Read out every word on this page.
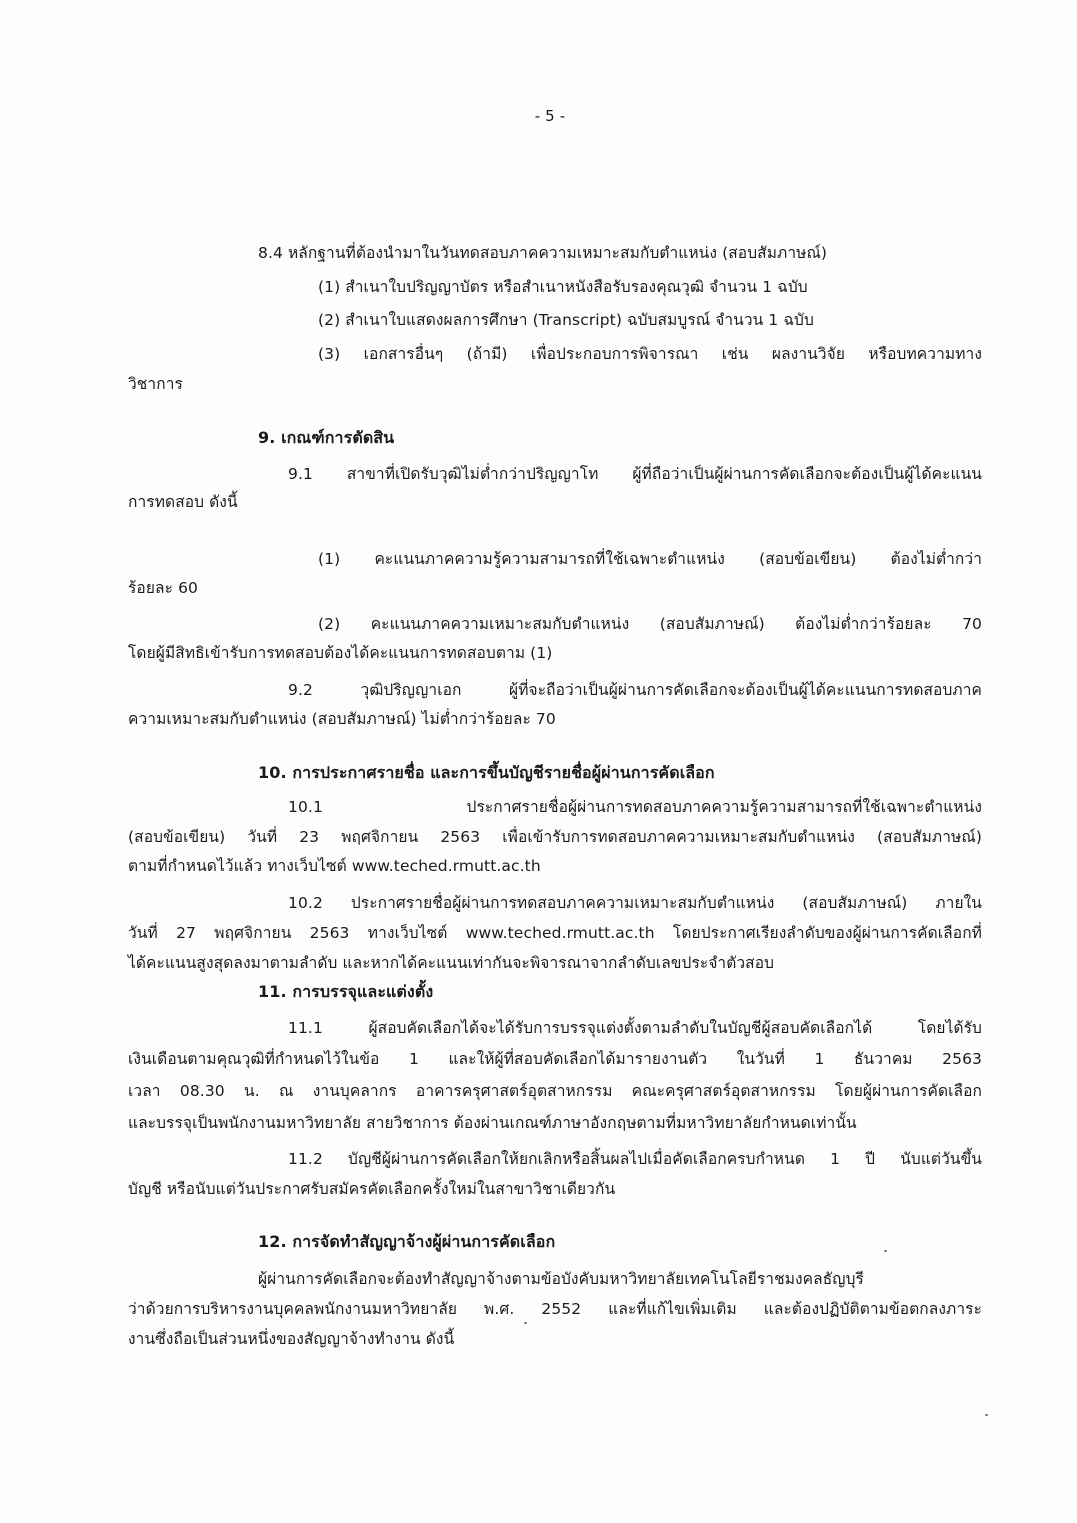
- 5 -
8.4 หลักฐานที่ต้องนำมาในวันทดสอบภาคความเหมาะสมกับตำแหน่ง (สอบสัมภาษณ์)
(1) สำเนาใบปริญญาบัตร หรือสำเนาหนังสือรับรองคุณวุฒิ จำนวน 1 ฉบับ
(2) สำเนาใบแสดงผลการศึกษา (Transcript) ฉบับสมบูรณ์ จำนวน 1 ฉบับ
(3) เอกสารอื่นๆ (ถ้ามี) เพื่อประกอบการพิจารณา เช่น ผลงานวิจัย หรือบทความทาง
วิชาการ
9. เกณฑ์การตัดสิน
9.1 สาขาที่เปิดรับวุฒิไม่ต่ำกว่าปริญญาโท ผู้ที่ถือว่าเป็นผู้ผ่านการคัดเลือกจะต้องเป็นผู้ได้คะแนน
การทดสอบ ดังนี้
(1) คะแนนภาคความรู้ความสามารถที่ใช้เฉพาะตำแหน่ง (สอบข้อเขียน) ต้องไม่ต่ำกว่า
ร้อยละ 60
(2) คะแนนภาคความเหมาะสมกับตำแหน่ง (สอบสัมภาษณ์) ต้องไม่ต่ำกว่าร้อยละ 70
โดยผู้มีสิทธิเข้ารับการทดสอบต้องได้คะแนนการทดสอบตาม (1)
9.2 วุฒิปริญญาเอก ผู้ที่จะถือว่าเป็นผู้ผ่านการคัดเลือกจะต้องเป็นผู้ได้คะแนนการทดสอบภาค
ความเหมาะสมกับตำแหน่ง (สอบสัมภาษณ์) ไม่ต่ำกว่าร้อยละ 70
10. การประกาศรายชื่อ และการขึ้นบัญชีรายชื่อผู้ผ่านการคัดเลือก
10.1 ประกาศรายชื่อผู้ผ่านการทดสอบภาคความรู้ความสามารถที่ใช้เฉพาะตำแหน่ง
(สอบข้อเขียน) วันที่ 23 พฤศจิกายน 2563 เพื่อเข้ารับการทดสอบภาคความเหมาะสมกับตำแหน่ง (สอบสัมภาษณ์)
ตามที่กำหนดไว้แล้ว ทางเว็บไซต์ www.teched.rmutt.ac.th
10.2 ประกาศรายชื่อผู้ผ่านการทดสอบภาคความเหมาะสมกับตำแหน่ง (สอบสัมภาษณ์) ภายใน
วันที่ 27 พฤศจิกายน 2563 ทางเว็บไซต์ www.teched.rmutt.ac.th โดยประกาศเรียงลำดับของผู้ผ่านการคัดเลือกที่
ได้คะแนนสูงสุดลงมาตามลำดับ และหากได้คะแนนเท่ากันจะพิจารณาจากลำดับเลขประจำตัวสอบ
11. การบรรจุและแต่งตั้ง
11.1 ผู้สอบคัดเลือกได้จะได้รับการบรรจุแต่งตั้งตามลำดับในบัญชีผู้สอบคัดเลือกได้ โดยได้รับ
เงินเดือนตามคุณวุฒิที่กำหนดไว้ในข้อ 1 และให้ผู้ที่สอบคัดเลือกได้มารายงานตัว ในวันที่ 1 ธันวาคม 2563
เวลา 08.30 น. ณ งานบุคลากร อาคารครุศาสตร์อุตสาหกรรม คณะครุศาสตร์อุตสาหกรรม โดยผู้ผ่านการคัดเลือก
และบรรจุเป็นพนักงานมหาวิทยาลัย สายวิชาการ ต้องผ่านเกณฑ์ภาษาอังกฤษตามที่มหาวิทยาลัยกำหนดเท่านั้น
11.2 บัญชีผู้ผ่านการคัดเลือกให้ยกเลิกหรือสิ้นผลไปเมื่อคัดเลือกครบกำหนด 1 ปี นับแต่วันขึ้น
บัญชี หรือนับแต่วันประกาศรับสมัครคัดเลือกครั้งใหม่ในสาขาวิชาเดียวกัน
12. การจัดทำสัญญาจ้างผู้ผ่านการคัดเลือก
ผู้ผ่านการคัดเลือกจะต้องทำสัญญาจ้างตามข้อบังคับมหาวิทยาลัยเทคโนโลยีราชมงคลธัญบุรี
ว่าด้วยการบริหารงานบุคคลพนักงานมหาวิทยาลัย พ.ศ. 2552 และที่แก้ไขเพิ่มเติม และต้องปฏิบัติตามข้อตกลงภาระ
งานซึ่งถือเป็นส่วนหนึ่งของสัญญาจ้างทำงาน ดังนี้
